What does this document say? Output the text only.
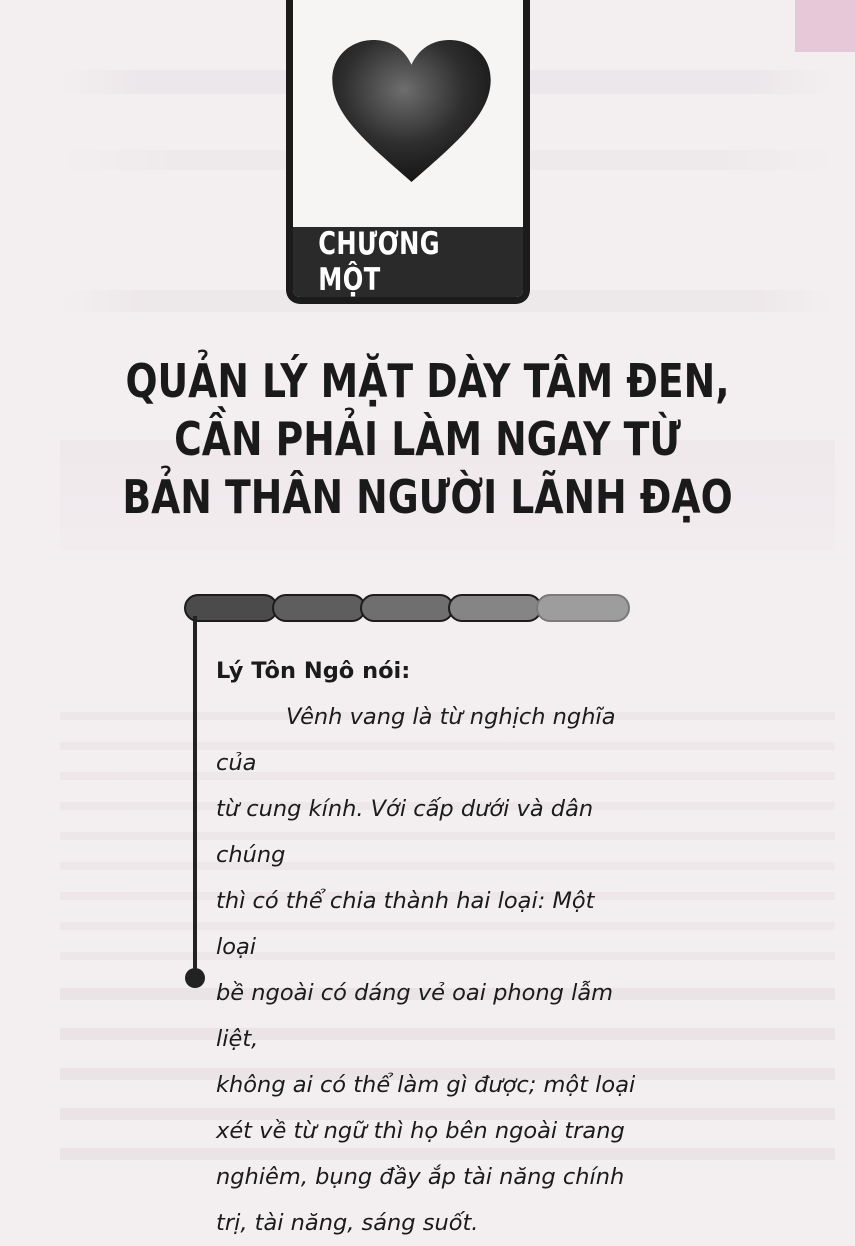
CHƯƠNG MỘT
QUẢN LÝ MẶT DÀY TÂM ĐEN,
CẦN PHẢI LÀM NGAY TỪ
BẢN THÂN NGƯỜI LÃNH ĐẠO
Lý Tôn Ngô nói:
Vênh vang là từ nghịch nghĩa của
từ cung kính. Với cấp dưới và dân chúng
thì có thể chia thành hai loại: Một loại
bề ngoài có dáng vẻ oai phong lẫm liệt,
không ai có thể làm gì được; một loại
xét về từ ngữ thì họ bên ngoài trang
nghiêm, bụng đầy ắp tài năng chính
trị, tài năng, sáng suốt.
